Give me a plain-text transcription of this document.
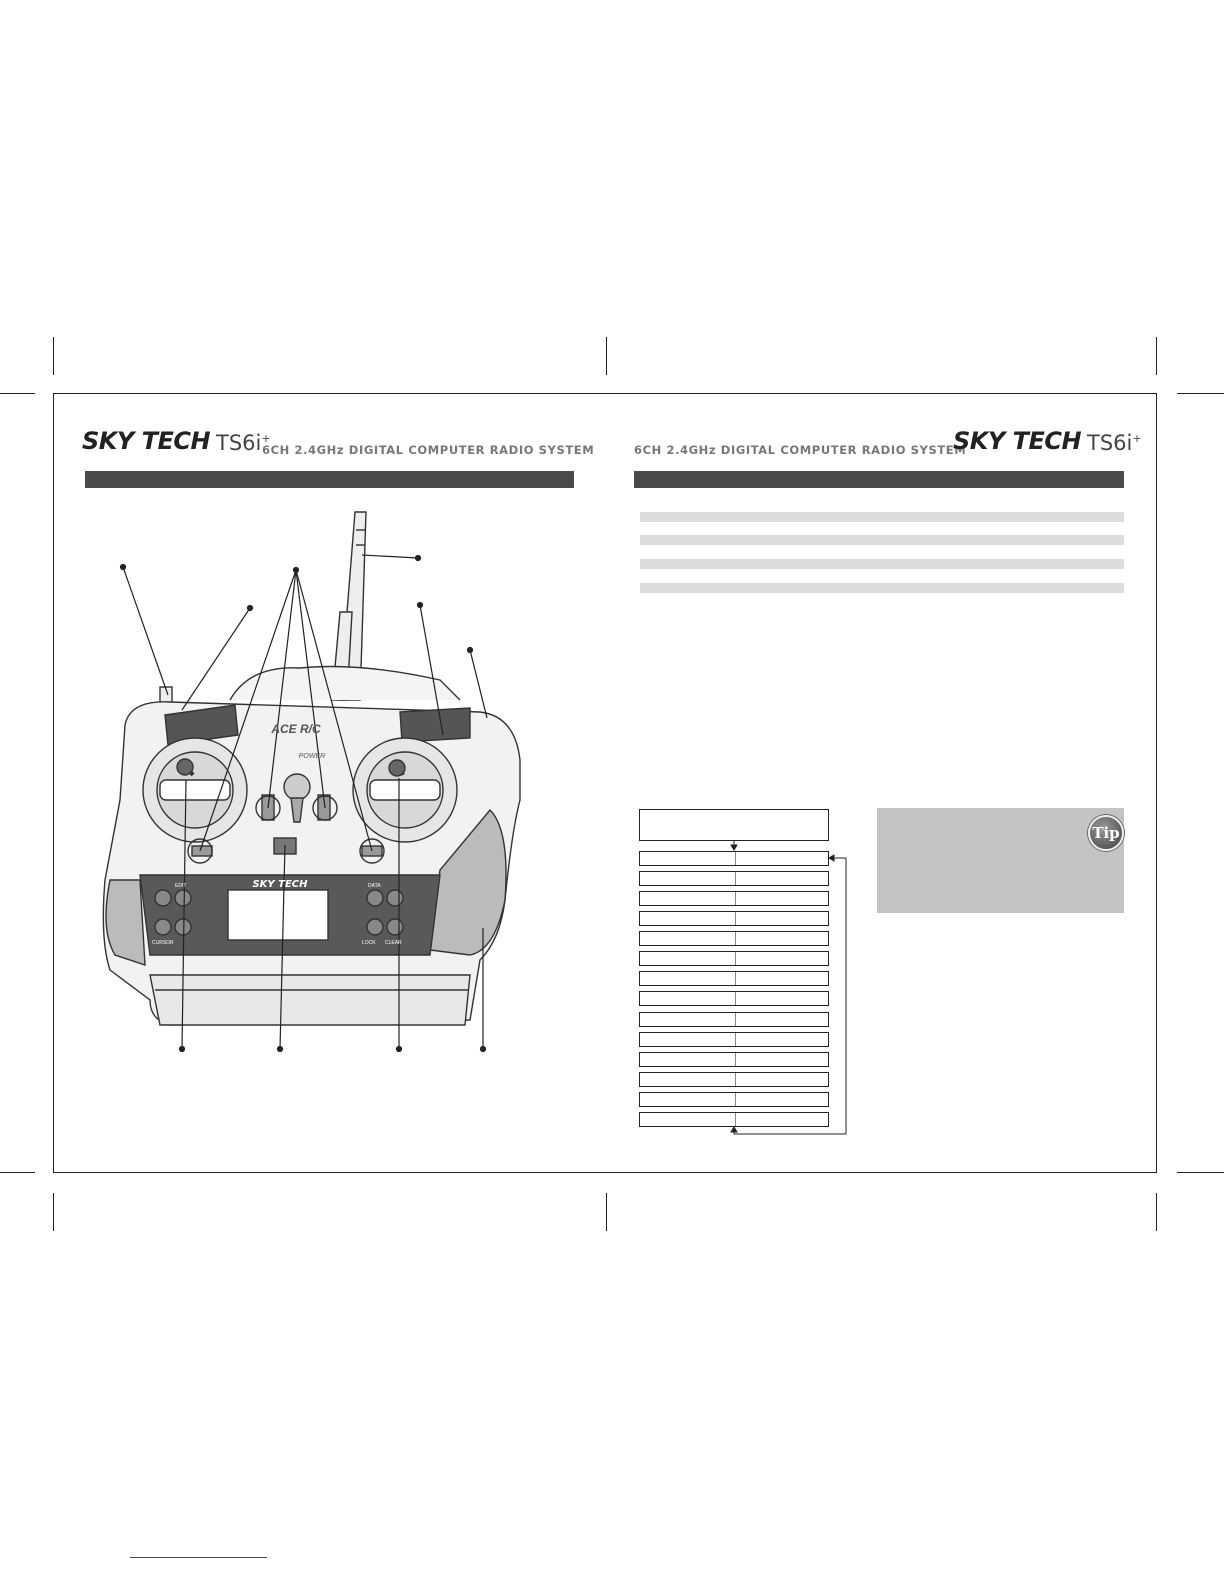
SKY TECH TS6i+
6CH 2.4GHz DIGITAL COMPUTER RADIO SYSTEM	6CH 2.4GHz DIGITAL COMPUTER RADIO SYSTEM
SKY TECH TS6i+
ACE R/C
POWER
SKY TECH
EDIT	DATA
CURSOR	LOCK CLEAR
Tip
